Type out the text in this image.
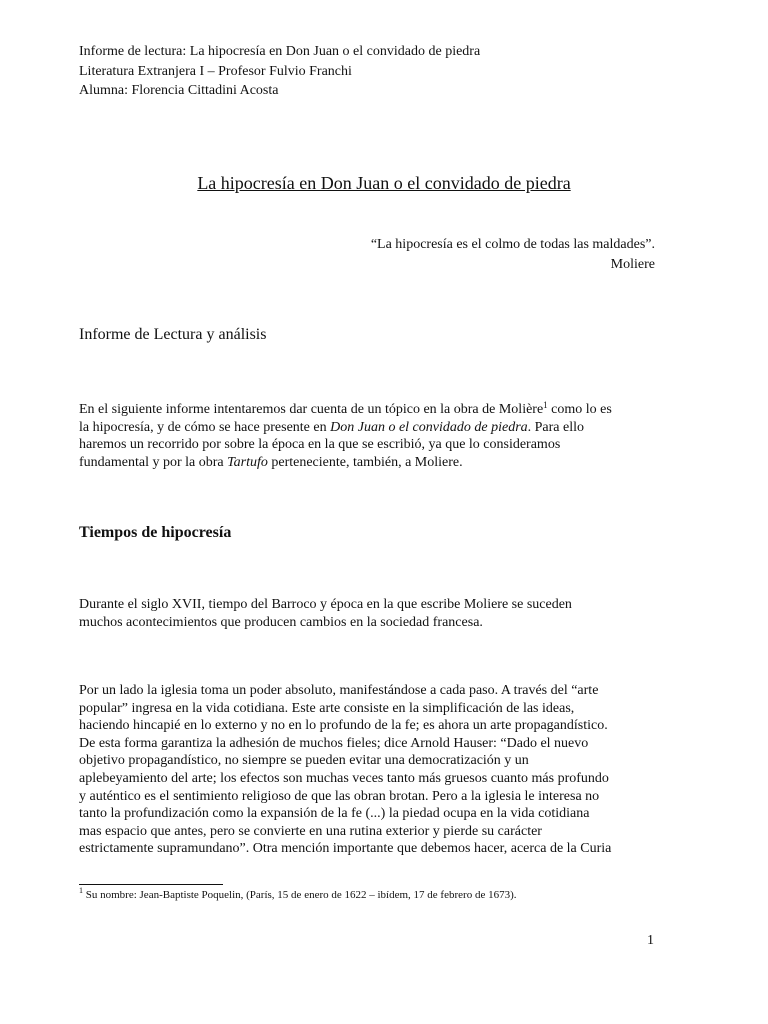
Informe de lectura: La hipocresía en Don Juan o el convidado de piedra
Literatura Extranjera I – Profesor Fulvio Franchi
Alumna: Florencia Cittadini Acosta
La hipocresía en Don Juan o el convidado de piedra
“La hipocresía es el colmo de todas las maldades”.
Moliere
Informe de Lectura y análisis
En el siguiente informe intentaremos dar cuenta de un tópico en la obra de Molière$^1$ como lo es
la hipocresía, y de cómo se hace presente en Don Juan o el convidado de piedra. Para ello
haremos un recorrido por sobre la época en la que se escribió, ya que lo consideramos
fundamental y por la obra Tartufo perteneciente, también, a Moliere.
Tiempos de hipocresía
Durante el siglo XVII, tiempo del Barroco y época en la que escribe Moliere se suceden
muchos acontecimientos que producen cambios en la sociedad francesa.
Por un lado la iglesia toma un poder absoluto, manifestándose a cada paso. A través del “arte
popular” ingresa en la vida cotidiana. Este arte consiste en la simplificación de las ideas,
haciendo hincapié en lo externo y no en lo profundo de la fe; es ahora un arte propagandístico.
De esta forma garantiza la adhesión de muchos fieles; dice Arnold Hauser: “Dado el nuevo
objetivo propagandístico, no siempre se pueden evitar una democratización y un
aplebeyamiento del arte; los efectos son muchas veces tanto más gruesos cuanto más profundo
y auténtico es el sentimiento religioso de que las obran brotan. Pero a la iglesia le interesa no
tanto la profundización como la expansión de la fe (...) la piedad ocupa en la vida cotidiana
mas espacio que antes, pero se convierte en una rutina exterior y pierde su carácter
estrictamente supramundano”. Otra mención importante que debemos hacer, acerca de la Curia
$^1$ Su nombre: Jean-Baptiste Poquelin, (París, 15 de enero de 1622 – ibídem, 17 de febrero de 1673).
1
